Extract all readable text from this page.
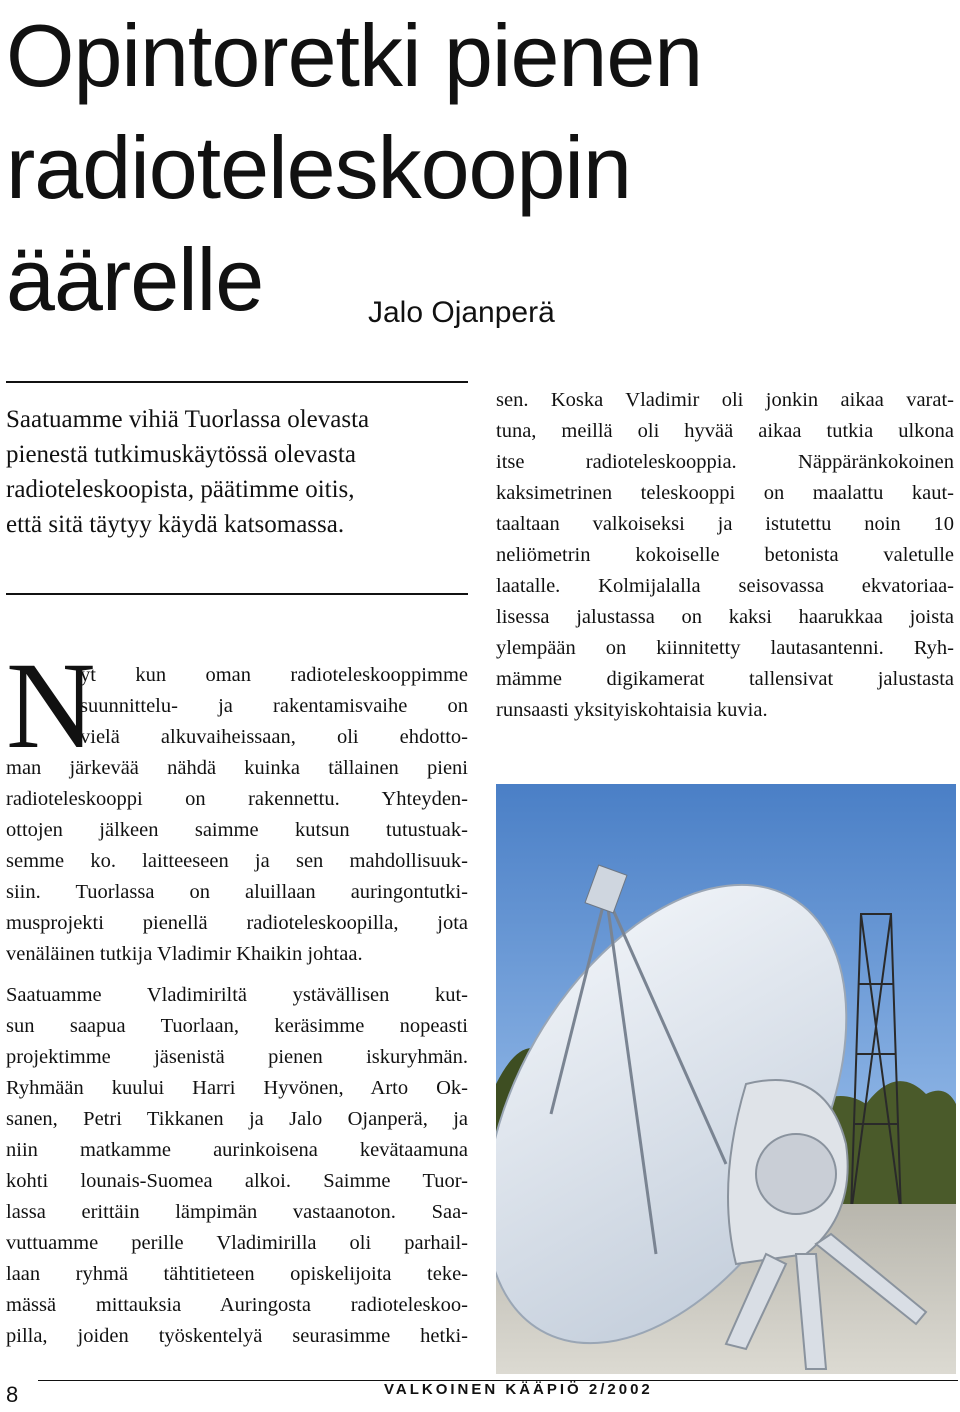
Opintoretki pienen
radioteleskoopin
äärelle	Jalo Ojanperä

Saatuamme vihiä Tuorlassa olevasta
pienestä tutkimuskäytössä olevasta
radioteleskoopista, päätimme oitis,
että sitä täytyy käydä katsomassa.

N
yt kun oman radioteleskooppimme
suunnittelu- ja rakentamisvaihe on
vielä alkuvaiheissaan, oli ehdotto-
man järkevää nähdä kuinka tällainen pieni
radioteleskooppi on rakennettu. Yhteyden-
ottojen jälkeen saimme kutsun tutustuak-
semme ko. laitteeseen ja sen mahdollisuuk-
siin. Tuorlassa on aluillaan auringontutki-
musprojekti pienellä radioteleskoopilla, jota
venäläinen tutkija Vladimir Khaikin johtaa.
Saatuamme Vladimiriltä ystävällisen kut-
sun saapua Tuorlaan, keräsimme nopeasti
projektimme jäsenistä pienen iskuryhmän.
Ryhmään kuului Harri Hyvönen, Arto Ok-
sanen, Petri Tikkanen ja Jalo Ojanperä, ja
niin matkamme aurinkoisena kevätaamuna
kohti lounais-Suomea alkoi. Saimme Tuor-
lassa erittäin lämpimän vastaanoton. Saa-
vuttuamme perille Vladimirilla oli parhail-
laan ryhmä tähtitieteen opiskelijoita teke-
mässä mittauksia Auringosta radioteleskoo-
pilla, joiden työskentelyä seurasimme hetki-
sen. Koska Vladimir oli jonkin aikaa varat-
tuna, meillä oli hyvää aikaa tutkia ulkona
itse radioteleskooppia. Näppäränkokoinen
kaksimetrinen teleskooppi on maalattu kaut-
taaltaan valkoiseksi ja istutettu noin 10
neliömetrin kokoiselle betonista valetulle
laatalle. Kolmijalalla seisovassa ekvatoriaa-
lisessa jalustassa on kaksi haarukkaa joista
ylempään on kiinnitetty lautasantenni. Ryh-
mämme digikamerat tallensivat jalustasta
runsaasti yksityiskohtaisia kuvia.
8	VALKOINEN KÄÄPIÖ 2/2002
